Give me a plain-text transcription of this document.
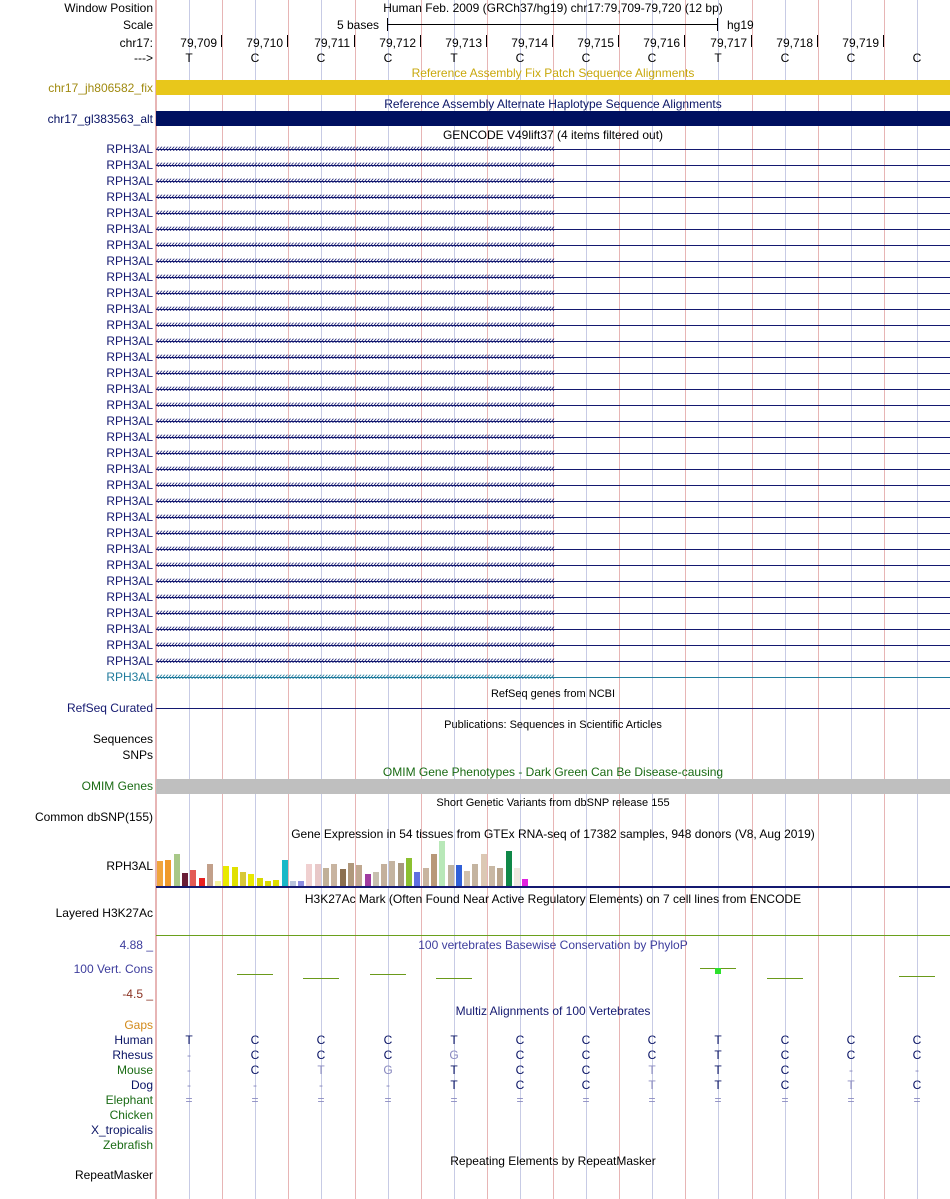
Window Position	Human Feb. 2009 (GRCh37/hg19) chr17:79,709-79,720 (12 bp)
Scale	5 bases	hg19
chr17: 79,709 79,710	79,711 79,712 79,713 79,714 79,715 79,716	79,717 79,718 79,719
--->	T	C	C	C	T	C	C	C	T	C	C	C
Reference Assembly Fix Patch Sequence Alignments
chr17_jh806582_fix
Reference Assembly Alternate Haplotype Sequence Alignments
chr17_gl383563_alt
GENCODE V49lift37 (4 items filtered out)
RPH3AL ‹‹‹‹‹‹‹‹‹‹‹‹‹‹‹‹‹‹‹‹‹‹‹‹‹‹‹‹‹‹‹‹‹‹‹‹‹‹‹‹‹‹‹‹‹‹‹‹‹‹‹‹‹‹‹‹‹‹‹‹‹‹‹‹‹‹‹‹‹‹‹‹‹‹‹‹‹‹‹‹‹‹‹‹‹‹‹‹‹‹‹‹‹‹‹‹‹‹‹‹‹‹‹‹‹‹‹‹‹‹‹‹‹‹‹‹‹‹‹‹‹‹‹‹‹‹‹‹‹‹
RPH3AL ‹‹‹‹‹‹‹‹‹‹‹‹‹‹‹‹‹‹‹‹‹‹‹‹‹‹‹‹‹‹‹‹‹‹‹‹‹‹‹‹‹‹‹‹‹‹‹‹‹‹‹‹‹‹‹‹‹‹‹‹‹‹‹‹‹‹‹‹‹‹‹‹‹‹‹‹‹‹‹‹‹‹‹‹‹‹‹‹‹‹‹‹‹‹‹‹‹‹‹‹‹‹‹‹‹‹‹‹‹‹‹‹‹‹‹‹‹‹‹‹‹‹‹‹‹‹‹‹‹‹
RPH3AL ‹‹‹‹‹‹‹‹‹‹‹‹‹‹‹‹‹‹‹‹‹‹‹‹‹‹‹‹‹‹‹‹‹‹‹‹‹‹‹‹‹‹‹‹‹‹‹‹‹‹‹‹‹‹‹‹‹‹‹‹‹‹‹‹‹‹‹‹‹‹‹‹‹‹‹‹‹‹‹‹‹‹‹‹‹‹‹‹‹‹‹‹‹‹‹‹‹‹‹‹‹‹‹‹‹‹‹‹‹‹‹‹‹‹‹‹‹‹‹‹‹‹‹‹‹‹‹‹‹‹
RPH3AL ‹‹‹‹‹‹‹‹‹‹‹‹‹‹‹‹‹‹‹‹‹‹‹‹‹‹‹‹‹‹‹‹‹‹‹‹‹‹‹‹‹‹‹‹‹‹‹‹‹‹‹‹‹‹‹‹‹‹‹‹‹‹‹‹‹‹‹‹‹‹‹‹‹‹‹‹‹‹‹‹‹‹‹‹‹‹‹‹‹‹‹‹‹‹‹‹‹‹‹‹‹‹‹‹‹‹‹‹‹‹‹‹‹‹‹‹‹‹‹‹‹‹‹‹‹‹‹‹‹‹
RPH3AL ‹‹‹‹‹‹‹‹‹‹‹‹‹‹‹‹‹‹‹‹‹‹‹‹‹‹‹‹‹‹‹‹‹‹‹‹‹‹‹‹‹‹‹‹‹‹‹‹‹‹‹‹‹‹‹‹‹‹‹‹‹‹‹‹‹‹‹‹‹‹‹‹‹‹‹‹‹‹‹‹‹‹‹‹‹‹‹‹‹‹‹‹‹‹‹‹‹‹‹‹‹‹‹‹‹‹‹‹‹‹‹‹‹‹‹‹‹‹‹‹‹‹‹‹‹‹‹‹‹‹
RPH3AL ‹‹‹‹‹‹‹‹‹‹‹‹‹‹‹‹‹‹‹‹‹‹‹‹‹‹‹‹‹‹‹‹‹‹‹‹‹‹‹‹‹‹‹‹‹‹‹‹‹‹‹‹‹‹‹‹‹‹‹‹‹‹‹‹‹‹‹‹‹‹‹‹‹‹‹‹‹‹‹‹‹‹‹‹‹‹‹‹‹‹‹‹‹‹‹‹‹‹‹‹‹‹‹‹‹‹‹‹‹‹‹‹‹‹‹‹‹‹‹‹‹‹‹‹‹‹‹‹‹‹
RPH3AL ‹‹‹‹‹‹‹‹‹‹‹‹‹‹‹‹‹‹‹‹‹‹‹‹‹‹‹‹‹‹‹‹‹‹‹‹‹‹‹‹‹‹‹‹‹‹‹‹‹‹‹‹‹‹‹‹‹‹‹‹‹‹‹‹‹‹‹‹‹‹‹‹‹‹‹‹‹‹‹‹‹‹‹‹‹‹‹‹‹‹‹‹‹‹‹‹‹‹‹‹‹‹‹‹‹‹‹‹‹‹‹‹‹‹‹‹‹‹‹‹‹‹‹‹‹‹‹‹‹‹
RPH3AL ‹‹‹‹‹‹‹‹‹‹‹‹‹‹‹‹‹‹‹‹‹‹‹‹‹‹‹‹‹‹‹‹‹‹‹‹‹‹‹‹‹‹‹‹‹‹‹‹‹‹‹‹‹‹‹‹‹‹‹‹‹‹‹‹‹‹‹‹‹‹‹‹‹‹‹‹‹‹‹‹‹‹‹‹‹‹‹‹‹‹‹‹‹‹‹‹‹‹‹‹‹‹‹‹‹‹‹‹‹‹‹‹‹‹‹‹‹‹‹‹‹‹‹‹‹‹‹‹‹‹
RPH3AL ‹‹‹‹‹‹‹‹‹‹‹‹‹‹‹‹‹‹‹‹‹‹‹‹‹‹‹‹‹‹‹‹‹‹‹‹‹‹‹‹‹‹‹‹‹‹‹‹‹‹‹‹‹‹‹‹‹‹‹‹‹‹‹‹‹‹‹‹‹‹‹‹‹‹‹‹‹‹‹‹‹‹‹‹‹‹‹‹‹‹‹‹‹‹‹‹‹‹‹‹‹‹‹‹‹‹‹‹‹‹‹‹‹‹‹‹‹‹‹‹‹‹‹‹‹‹‹‹‹‹
RPH3AL ‹‹‹‹‹‹‹‹‹‹‹‹‹‹‹‹‹‹‹‹‹‹‹‹‹‹‹‹‹‹‹‹‹‹‹‹‹‹‹‹‹‹‹‹‹‹‹‹‹‹‹‹‹‹‹‹‹‹‹‹‹‹‹‹‹‹‹‹‹‹‹‹‹‹‹‹‹‹‹‹‹‹‹‹‹‹‹‹‹‹‹‹‹‹‹‹‹‹‹‹‹‹‹‹‹‹‹‹‹‹‹‹‹‹‹‹‹‹‹‹‹‹‹‹‹‹‹‹‹‹
RPH3AL ‹‹‹‹‹‹‹‹‹‹‹‹‹‹‹‹‹‹‹‹‹‹‹‹‹‹‹‹‹‹‹‹‹‹‹‹‹‹‹‹‹‹‹‹‹‹‹‹‹‹‹‹‹‹‹‹‹‹‹‹‹‹‹‹‹‹‹‹‹‹‹‹‹‹‹‹‹‹‹‹‹‹‹‹‹‹‹‹‹‹‹‹‹‹‹‹‹‹‹‹‹‹‹‹‹‹‹‹‹‹‹‹‹‹‹‹‹‹‹‹‹‹‹‹‹‹‹‹‹‹
RPH3AL ‹‹‹‹‹‹‹‹‹‹‹‹‹‹‹‹‹‹‹‹‹‹‹‹‹‹‹‹‹‹‹‹‹‹‹‹‹‹‹‹‹‹‹‹‹‹‹‹‹‹‹‹‹‹‹‹‹‹‹‹‹‹‹‹‹‹‹‹‹‹‹‹‹‹‹‹‹‹‹‹‹‹‹‹‹‹‹‹‹‹‹‹‹‹‹‹‹‹‹‹‹‹‹‹‹‹‹‹‹‹‹‹‹‹‹‹‹‹‹‹‹‹‹‹‹‹‹‹‹‹
RPH3AL ‹‹‹‹‹‹‹‹‹‹‹‹‹‹‹‹‹‹‹‹‹‹‹‹‹‹‹‹‹‹‹‹‹‹‹‹‹‹‹‹‹‹‹‹‹‹‹‹‹‹‹‹‹‹‹‹‹‹‹‹‹‹‹‹‹‹‹‹‹‹‹‹‹‹‹‹‹‹‹‹‹‹‹‹‹‹‹‹‹‹‹‹‹‹‹‹‹‹‹‹‹‹‹‹‹‹‹‹‹‹‹‹‹‹‹‹‹‹‹‹‹‹‹‹‹‹‹‹‹‹
RPH3AL ‹‹‹‹‹‹‹‹‹‹‹‹‹‹‹‹‹‹‹‹‹‹‹‹‹‹‹‹‹‹‹‹‹‹‹‹‹‹‹‹‹‹‹‹‹‹‹‹‹‹‹‹‹‹‹‹‹‹‹‹‹‹‹‹‹‹‹‹‹‹‹‹‹‹‹‹‹‹‹‹‹‹‹‹‹‹‹‹‹‹‹‹‹‹‹‹‹‹‹‹‹‹‹‹‹‹‹‹‹‹‹‹‹‹‹‹‹‹‹‹‹‹‹‹‹‹‹‹‹‹
RPH3AL ‹‹‹‹‹‹‹‹‹‹‹‹‹‹‹‹‹‹‹‹‹‹‹‹‹‹‹‹‹‹‹‹‹‹‹‹‹‹‹‹‹‹‹‹‹‹‹‹‹‹‹‹‹‹‹‹‹‹‹‹‹‹‹‹‹‹‹‹‹‹‹‹‹‹‹‹‹‹‹‹‹‹‹‹‹‹‹‹‹‹‹‹‹‹‹‹‹‹‹‹‹‹‹‹‹‹‹‹‹‹‹‹‹‹‹‹‹‹‹‹‹‹‹‹‹‹‹‹‹‹
RPH3AL ‹‹‹‹‹‹‹‹‹‹‹‹‹‹‹‹‹‹‹‹‹‹‹‹‹‹‹‹‹‹‹‹‹‹‹‹‹‹‹‹‹‹‹‹‹‹‹‹‹‹‹‹‹‹‹‹‹‹‹‹‹‹‹‹‹‹‹‹‹‹‹‹‹‹‹‹‹‹‹‹‹‹‹‹‹‹‹‹‹‹‹‹‹‹‹‹‹‹‹‹‹‹‹‹‹‹‹‹‹‹‹‹‹‹‹‹‹‹‹‹‹‹‹‹‹‹‹‹‹‹
RPH3AL ‹‹‹‹‹‹‹‹‹‹‹‹‹‹‹‹‹‹‹‹‹‹‹‹‹‹‹‹‹‹‹‹‹‹‹‹‹‹‹‹‹‹‹‹‹‹‹‹‹‹‹‹‹‹‹‹‹‹‹‹‹‹‹‹‹‹‹‹‹‹‹‹‹‹‹‹‹‹‹‹‹‹‹‹‹‹‹‹‹‹‹‹‹‹‹‹‹‹‹‹‹‹‹‹‹‹‹‹‹‹‹‹‹‹‹‹‹‹‹‹‹‹‹‹‹‹‹‹‹‹
RPH3AL ‹‹‹‹‹‹‹‹‹‹‹‹‹‹‹‹‹‹‹‹‹‹‹‹‹‹‹‹‹‹‹‹‹‹‹‹‹‹‹‹‹‹‹‹‹‹‹‹‹‹‹‹‹‹‹‹‹‹‹‹‹‹‹‹‹‹‹‹‹‹‹‹‹‹‹‹‹‹‹‹‹‹‹‹‹‹‹‹‹‹‹‹‹‹‹‹‹‹‹‹‹‹‹‹‹‹‹‹‹‹‹‹‹‹‹‹‹‹‹‹‹‹‹‹‹‹‹‹‹‹
RPH3AL ‹‹‹‹‹‹‹‹‹‹‹‹‹‹‹‹‹‹‹‹‹‹‹‹‹‹‹‹‹‹‹‹‹‹‹‹‹‹‹‹‹‹‹‹‹‹‹‹‹‹‹‹‹‹‹‹‹‹‹‹‹‹‹‹‹‹‹‹‹‹‹‹‹‹‹‹‹‹‹‹‹‹‹‹‹‹‹‹‹‹‹‹‹‹‹‹‹‹‹‹‹‹‹‹‹‹‹‹‹‹‹‹‹‹‹‹‹‹‹‹‹‹‹‹‹‹‹‹‹‹
RPH3AL ‹‹‹‹‹‹‹‹‹‹‹‹‹‹‹‹‹‹‹‹‹‹‹‹‹‹‹‹‹‹‹‹‹‹‹‹‹‹‹‹‹‹‹‹‹‹‹‹‹‹‹‹‹‹‹‹‹‹‹‹‹‹‹‹‹‹‹‹‹‹‹‹‹‹‹‹‹‹‹‹‹‹‹‹‹‹‹‹‹‹‹‹‹‹‹‹‹‹‹‹‹‹‹‹‹‹‹‹‹‹‹‹‹‹‹‹‹‹‹‹‹‹‹‹‹‹‹‹‹‹
RPH3AL ‹‹‹‹‹‹‹‹‹‹‹‹‹‹‹‹‹‹‹‹‹‹‹‹‹‹‹‹‹‹‹‹‹‹‹‹‹‹‹‹‹‹‹‹‹‹‹‹‹‹‹‹‹‹‹‹‹‹‹‹‹‹‹‹‹‹‹‹‹‹‹‹‹‹‹‹‹‹‹‹‹‹‹‹‹‹‹‹‹‹‹‹‹‹‹‹‹‹‹‹‹‹‹‹‹‹‹‹‹‹‹‹‹‹‹‹‹‹‹‹‹‹‹‹‹‹‹‹‹‹
RPH3AL ‹‹‹‹‹‹‹‹‹‹‹‹‹‹‹‹‹‹‹‹‹‹‹‹‹‹‹‹‹‹‹‹‹‹‹‹‹‹‹‹‹‹‹‹‹‹‹‹‹‹‹‹‹‹‹‹‹‹‹‹‹‹‹‹‹‹‹‹‹‹‹‹‹‹‹‹‹‹‹‹‹‹‹‹‹‹‹‹‹‹‹‹‹‹‹‹‹‹‹‹‹‹‹‹‹‹‹‹‹‹‹‹‹‹‹‹‹‹‹‹‹‹‹‹‹‹‹‹‹‹
RPH3AL ‹‹‹‹‹‹‹‹‹‹‹‹‹‹‹‹‹‹‹‹‹‹‹‹‹‹‹‹‹‹‹‹‹‹‹‹‹‹‹‹‹‹‹‹‹‹‹‹‹‹‹‹‹‹‹‹‹‹‹‹‹‹‹‹‹‹‹‹‹‹‹‹‹‹‹‹‹‹‹‹‹‹‹‹‹‹‹‹‹‹‹‹‹‹‹‹‹‹‹‹‹‹‹‹‹‹‹‹‹‹‹‹‹‹‹‹‹‹‹‹‹‹‹‹‹‹‹‹‹‹
RPH3AL ‹‹‹‹‹‹‹‹‹‹‹‹‹‹‹‹‹‹‹‹‹‹‹‹‹‹‹‹‹‹‹‹‹‹‹‹‹‹‹‹‹‹‹‹‹‹‹‹‹‹‹‹‹‹‹‹‹‹‹‹‹‹‹‹‹‹‹‹‹‹‹‹‹‹‹‹‹‹‹‹‹‹‹‹‹‹‹‹‹‹‹‹‹‹‹‹‹‹‹‹‹‹‹‹‹‹‹‹‹‹‹‹‹‹‹‹‹‹‹‹‹‹‹‹‹‹‹‹‹‹
RPH3AL ‹‹‹‹‹‹‹‹‹‹‹‹‹‹‹‹‹‹‹‹‹‹‹‹‹‹‹‹‹‹‹‹‹‹‹‹‹‹‹‹‹‹‹‹‹‹‹‹‹‹‹‹‹‹‹‹‹‹‹‹‹‹‹‹‹‹‹‹‹‹‹‹‹‹‹‹‹‹‹‹‹‹‹‹‹‹‹‹‹‹‹‹‹‹‹‹‹‹‹‹‹‹‹‹‹‹‹‹‹‹‹‹‹‹‹‹‹‹‹‹‹‹‹‹‹‹‹‹‹‹
RPH3AL ‹‹‹‹‹‹‹‹‹‹‹‹‹‹‹‹‹‹‹‹‹‹‹‹‹‹‹‹‹‹‹‹‹‹‹‹‹‹‹‹‹‹‹‹‹‹‹‹‹‹‹‹‹‹‹‹‹‹‹‹‹‹‹‹‹‹‹‹‹‹‹‹‹‹‹‹‹‹‹‹‹‹‹‹‹‹‹‹‹‹‹‹‹‹‹‹‹‹‹‹‹‹‹‹‹‹‹‹‹‹‹‹‹‹‹‹‹‹‹‹‹‹‹‹‹‹‹‹‹‹
RPH3AL ‹‹‹‹‹‹‹‹‹‹‹‹‹‹‹‹‹‹‹‹‹‹‹‹‹‹‹‹‹‹‹‹‹‹‹‹‹‹‹‹‹‹‹‹‹‹‹‹‹‹‹‹‹‹‹‹‹‹‹‹‹‹‹‹‹‹‹‹‹‹‹‹‹‹‹‹‹‹‹‹‹‹‹‹‹‹‹‹‹‹‹‹‹‹‹‹‹‹‹‹‹‹‹‹‹‹‹‹‹‹‹‹‹‹‹‹‹‹‹‹‹‹‹‹‹‹‹‹‹‹
RPH3AL ‹‹‹‹‹‹‹‹‹‹‹‹‹‹‹‹‹‹‹‹‹‹‹‹‹‹‹‹‹‹‹‹‹‹‹‹‹‹‹‹‹‹‹‹‹‹‹‹‹‹‹‹‹‹‹‹‹‹‹‹‹‹‹‹‹‹‹‹‹‹‹‹‹‹‹‹‹‹‹‹‹‹‹‹‹‹‹‹‹‹‹‹‹‹‹‹‹‹‹‹‹‹‹‹‹‹‹‹‹‹‹‹‹‹‹‹‹‹‹‹‹‹‹‹‹‹‹‹‹‹
RPH3AL ‹‹‹‹‹‹‹‹‹‹‹‹‹‹‹‹‹‹‹‹‹‹‹‹‹‹‹‹‹‹‹‹‹‹‹‹‹‹‹‹‹‹‹‹‹‹‹‹‹‹‹‹‹‹‹‹‹‹‹‹‹‹‹‹‹‹‹‹‹‹‹‹‹‹‹‹‹‹‹‹‹‹‹‹‹‹‹‹‹‹‹‹‹‹‹‹‹‹‹‹‹‹‹‹‹‹‹‹‹‹‹‹‹‹‹‹‹‹‹‹‹‹‹‹‹‹‹‹‹‹
RPH3AL ‹‹‹‹‹‹‹‹‹‹‹‹‹‹‹‹‹‹‹‹‹‹‹‹‹‹‹‹‹‹‹‹‹‹‹‹‹‹‹‹‹‹‹‹‹‹‹‹‹‹‹‹‹‹‹‹‹‹‹‹‹‹‹‹‹‹‹‹‹‹‹‹‹‹‹‹‹‹‹‹‹‹‹‹‹‹‹‹‹‹‹‹‹‹‹‹‹‹‹‹‹‹‹‹‹‹‹‹‹‹‹‹‹‹‹‹‹‹‹‹‹‹‹‹‹‹‹‹‹‹
RPH3AL ‹‹‹‹‹‹‹‹‹‹‹‹‹‹‹‹‹‹‹‹‹‹‹‹‹‹‹‹‹‹‹‹‹‹‹‹‹‹‹‹‹‹‹‹‹‹‹‹‹‹‹‹‹‹‹‹‹‹‹‹‹‹‹‹‹‹‹‹‹‹‹‹‹‹‹‹‹‹‹‹‹‹‹‹‹‹‹‹‹‹‹‹‹‹‹‹‹‹‹‹‹‹‹‹‹‹‹‹‹‹‹‹‹‹‹‹‹‹‹‹‹‹‹‹‹‹‹‹‹‹
RPH3AL ‹‹‹‹‹‹‹‹‹‹‹‹‹‹‹‹‹‹‹‹‹‹‹‹‹‹‹‹‹‹‹‹‹‹‹‹‹‹‹‹‹‹‹‹‹‹‹‹‹‹‹‹‹‹‹‹‹‹‹‹‹‹‹‹‹‹‹‹‹‹‹‹‹‹‹‹‹‹‹‹‹‹‹‹‹‹‹‹‹‹‹‹‹‹‹‹‹‹‹‹‹‹‹‹‹‹‹‹‹‹‹‹‹‹‹‹‹‹‹‹‹‹‹‹‹‹‹‹‹‹
RPH3AL ‹‹‹‹‹‹‹‹‹‹‹‹‹‹‹‹‹‹‹‹‹‹‹‹‹‹‹‹‹‹‹‹‹‹‹‹‹‹‹‹‹‹‹‹‹‹‹‹‹‹‹‹‹‹‹‹‹‹‹‹‹‹‹‹‹‹‹‹‹‹‹‹‹‹‹‹‹‹‹‹‹‹‹‹‹‹‹‹‹‹‹‹‹‹‹‹‹‹‹‹‹‹‹‹‹‹‹‹‹‹‹‹‹‹‹‹‹‹‹‹‹‹‹‹‹‹‹‹‹‹
RPH3AL ‹‹‹‹‹‹‹‹‹‹‹‹‹‹‹‹‹‹‹‹‹‹‹‹‹‹‹‹‹‹‹‹‹‹‹‹‹‹‹‹‹‹‹‹‹‹‹‹‹‹‹‹‹‹‹‹‹‹‹‹‹‹‹‹‹‹‹‹‹‹‹‹‹‹‹‹‹‹‹‹‹‹‹‹‹‹‹‹‹‹‹‹‹‹‹‹‹‹‹‹‹‹‹‹‹‹‹‹‹‹‹‹‹‹‹‹‹‹‹‹‹‹‹‹‹‹‹‹‹‹
RefSeq genes from NCBI
RefSeq Curated
Publications: Sequences in Scientific Articles
Sequences
SNPs
OMIM Gene Phenotypes - Dark Green Can Be Disease-causing
OMIM Genes
Short Genetic Variants from dbSNP release 155
Common dbSNP(155)
Gene Expression in 54 tissues from GTEx RNA-seq of 17382 samples, 948 donors (V8, Aug 2019)
RPH3AL
H3K27Ac Mark (Often Found Near Active Regulatory Elements) on 7 cell lines from ENCODE
Layered H3K27Ac
100 vertebrates Basewise Conservation by PhyloP
4.88 _
100 Vert. Cons
-4.5 _
Multiz Alignments of 100 Vertebrates
Gaps
Human	T	C	C	C	T	C	C	C	T	C	C	C
Rhesus	-	C	C	C	G	C	C	C	T	C	C	C
Mouse	-	C	T	G	T	C	C	T	T	C	-	-
Dog	-	-	-	-	T	C	C	T	T	C	T	C
Elephant	=	=	=	=	=	=	=	=	=	=	=	=
Chicken
X_tropicalis
Zebrafish
Repeating Elements by RepeatMasker
RepeatMasker
